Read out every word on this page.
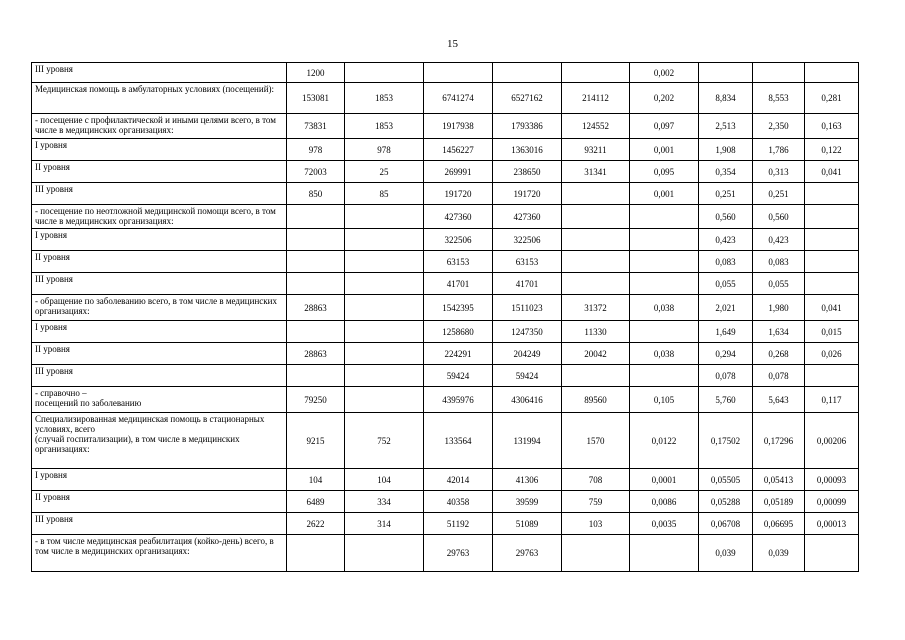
15
III уровня	1200					0,002			
Медицинская помощь в амбулаторных условиях (посещений):	153081	1853	6741274	6527162	214112	0,202	8,834	8,553	0,281
- посещение с профилактической и иными целями всего, в том числе в медицинских организациях:	73831	1853	1917938	1793386	124552	0,097	2,513	2,350	0,163
I уровня	978	978	1456227	1363016	93211	0,001	1,908	1,786	0,122
II уровня	72003	25	269991	238650	31341	0,095	0,354	0,313	0,041
III уровня	850	85	191720	191720		0,001	0,251	0,251	
- посещение по неотложной медицинской помощи всего, в том числе в медицинских организациях:			427360	427360			0,560	0,560	
I уровня			322506	322506			0,423	0,423	
II уровня			63153	63153			0,083	0,083	
III уровня			41701	41701			0,055	0,055	
- обращение по заболеванию всего, в том числе в медицинских организациях:	28863		1542395	1511023	31372	0,038	2,021	1,980	0,041
I уровня			1258680	1247350	11330		1,649	1,634	0,015
II уровня	28863		224291	204249	20042	0,038	0,294	0,268	0,026
III уровня			59424	59424			0,078	0,078	
- справочно –
посещений по заболеванию	79250		4395976	4306416	89560	0,105	5,760	5,643	0,117
Специализированная медицинская помощь в стационарных условиях, всего
(случай госпитализации), в том числе в медицинских организациях:	9215	752	133564	131994	1570	0,0122	0,17502	0,17296	0,00206
I уровня	104	104	42014	41306	708	0,0001	0,05505	0,05413	0,00093
II уровня	6489	334	40358	39599	759	0,0086	0,05288	0,05189	0,00099
III уровня	2622	314	51192	51089	103	0,0035	0,06708	0,06695	0,00013
- в том числе медицинская реабилитация (койко-день) всего, в том числе в медицинских организациях:			29763	29763			0,039	0,039	
